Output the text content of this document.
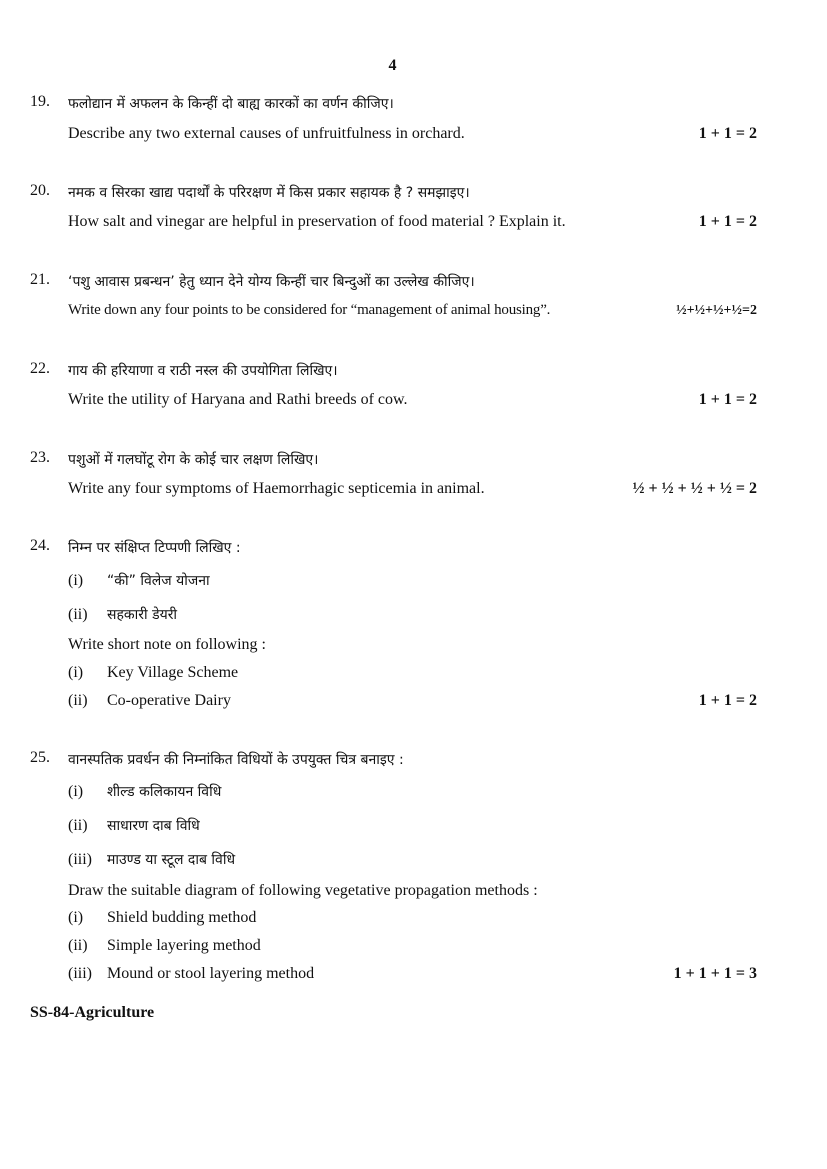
4
19. फलोद्यान में अफलन के किन्हीं दो बाह्य कारकों का वर्णन कीजिए।
Describe any two external causes of unfruitfulness in orchard.	1 + 1 = 2
20. नमक व सिरका खाद्य पदार्थों के परिरक्षण में किस प्रकार सहायक है ? समझाइए।
How salt and vinegar are helpful in preservation of food material ? Explain it.	1 + 1 = 2
21. ‘पशु आवास प्रबन्धन’ हेतु ध्यान देने योग्य किन्हीं चार बिन्दुओं का उल्लेख कीजिए।
Write down any four points to be considered for “management of animal housing”.	½+½+½+½=2
22. गाय की हरियाणा व राठी नस्ल की उपयोगिता लिखिए।
Write the utility of Haryana and Rathi breeds of cow.	1 + 1 = 2
23. पशुओं में गलघोंटू रोग के कोई चार लक्षण लिखिए।
Write any four symptoms of Haemorrhagic septicemia in animal.	½ + ½ + ½ + ½ = 2
24. निम्न पर संक्षिप्त टिप्पणी लिखिए :
(i) “की” विलेज योजना
(ii) सहकारी डेयरी
Write short note on following :
(i) Key Village Scheme
(ii) Co-operative Dairy	1 + 1 = 2
25. वानस्पतिक प्रवर्धन की निम्नांकित विधियों के उपयुक्त चित्र बनाइए :
(i) शील्ड कलिकायन विधि
(ii) साधारण दाब विधि
(iii) माउण्ड या स्टूल दाब विधि
Draw the suitable diagram of following vegetative propagation methods :
(i) Shield budding method
(ii) Simple layering method
(iii) Mound or stool layering method	1 + 1 + 1 = 3
SS-84-Agriculture
